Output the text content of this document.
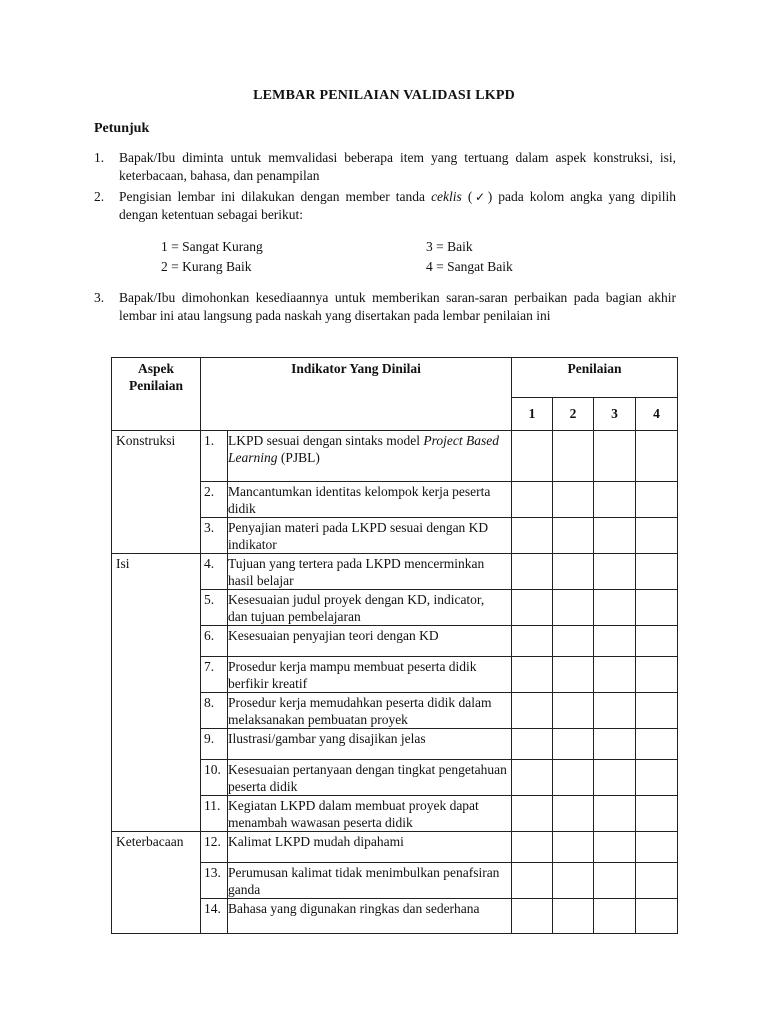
LEMBAR PENILAIAN VALIDASI LKPD
Petunjuk
1.	Bapak/Ibu diminta untuk memvalidasi beberapa item yang tertuang dalam aspek konstruksi, isi, keterbacaan, bahasa, dan penampilan
2.	Pengisian lembar ini dilakukan dengan member tanda ceklis (✓) pada kolom angka yang dipilih dengan ketentuan sebagai berikut:
1 = Sangat Kurang
2 = Kurang Baik
3 = Baik
4 = Sangat Baik
3.	Bapak/Ibu dimohonkan kesediaannya untuk memberikan saran-saran perbaikan pada bagian akhir lembar ini atau langsung pada naskah yang disertakan pada lembar penilaian ini
Aspek Penilaian	Indikator Yang Dinilai		Penilaian			
			1	2	3	4
Konstruksi	1.	LKPD sesuai dengan sintaks model Project Based Learning (PJBL)				
	2.	Mancantumkan identitas kelompok kerja peserta didik				
	3.	Penyajian materi pada LKPD sesuai dengan KD indikator				
Isi	4.	Tujuan yang tertera pada LKPD mencerminkan hasil belajar				
	5.	Kesesuaian judul proyek dengan KD, indicator, dan tujuan pembelajaran				
	6.	Kesesuaian penyajian teori dengan KD				
	7.	Prosedur kerja mampu membuat peserta didik berfikir kreatif				
	8.	Prosedur kerja memudahkan peserta didik dalam melaksanakan pembuatan proyek				
	9.	Ilustrasi/gambar yang disajikan jelas				
	10.	Kesesuaian pertanyaan dengan tingkat pengetahuan peserta didik				
	11.	Kegiatan LKPD dalam membuat proyek dapat menambah wawasan peserta didik				
Keterbacaan	12.	Kalimat LKPD mudah dipahami				
	13.	Perumusan kalimat tidak menimbulkan penafsiran ganda				
	14.	Bahasa yang digunakan ringkas dan sederhana				
